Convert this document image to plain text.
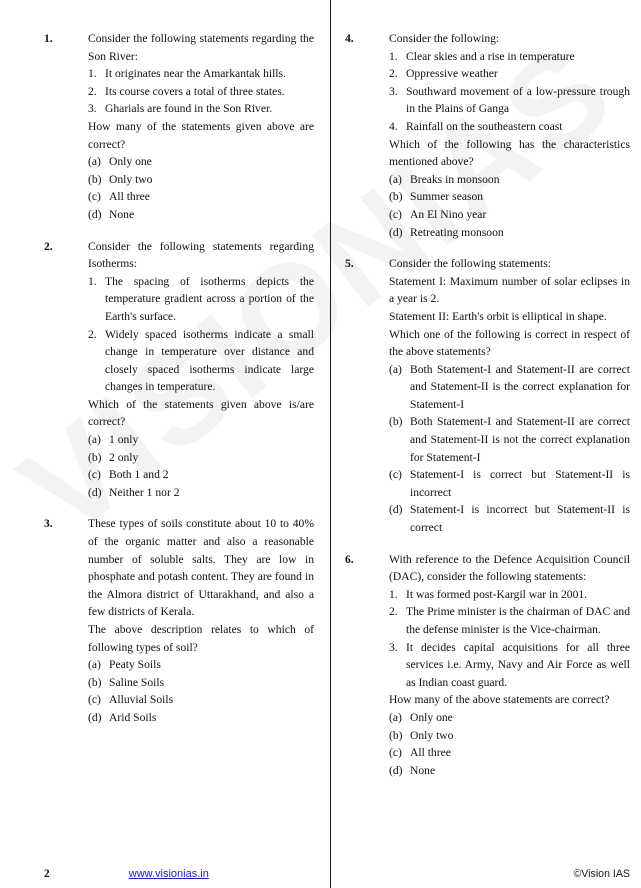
1.	Consider the following statements regarding the Son River:

1. It originates near the Amarkantak hills.
2. Its course covers a total of three states.
3. Gharials are found in the Son River.

How many of the statements given above are correct?

(a) Only one
(b) Only two
(c) All three
(d) None
2.	Consider the following statements regarding Isotherms:

1. The spacing of isotherms depicts the temperature gradient across a portion of the Earth's surface.
2. Widely spaced isotherms indicate a small change in temperature over distance and closely spaced isotherms indicate large changes in temperature.

Which of the statements given above is/are correct?

(a) 1 only
(b) 2 only
(c) Both 1 and 2
(d) Neither 1 nor 2
3.	These types of soils constitute about 10 to 40% of the organic matter and also a reasonable number of soluble salts. They are low in phosphate and potash content. They are found in the Almora district of Uttarakhand, and also a few districts of Kerala.

The above description relates to which of following types of soil?

(a) Peaty Soils
(b) Saline Soils
(c) Alluvial Soils
(d) Arid Soils
4.	Consider the following:

1. Clear skies and a rise in temperature
2. Oppressive weather
3. Southward movement of a low-pressure trough in the Plains of Ganga
4. Rainfall on the southeastern coast

Which of the following has the characteristics mentioned above?

(a) Breaks in monsoon
(b) Summer season
(c) An El Nino year
(d) Retreating monsoon
5.	Consider the following statements:

Statement I: Maximum number of solar eclipses in a year is 2.

Statement II: Earth's orbit is elliptical in shape.

Which one of the following is correct in respect of the above statements?

(a) Both Statement-I and Statement-II are correct and Statement-II is the correct explanation for Statement-I
(b) Both Statement-I and Statement-II are correct and Statement-II is not the correct explanation for Statement-I
(c) Statement-I is correct but Statement-II is incorrect
(d) Statement-I is incorrect but Statement-II is correct
6.	With reference to the Defence Acquisition Council (DAC), consider the following statements:

1. It was formed post-Kargil war in 2001.
2. The Prime minister is the chairman of DAC and the defense minister is the Vice-chairman.
3. It decides capital acquisitions for all three services i.e. Army, Navy and Air Force as well as Indian coast guard.

How many of the above statements are correct?

(a) Only one
(b) Only two
(c) All three
(d) None
2	www.visionias.in	©Vision IAS
